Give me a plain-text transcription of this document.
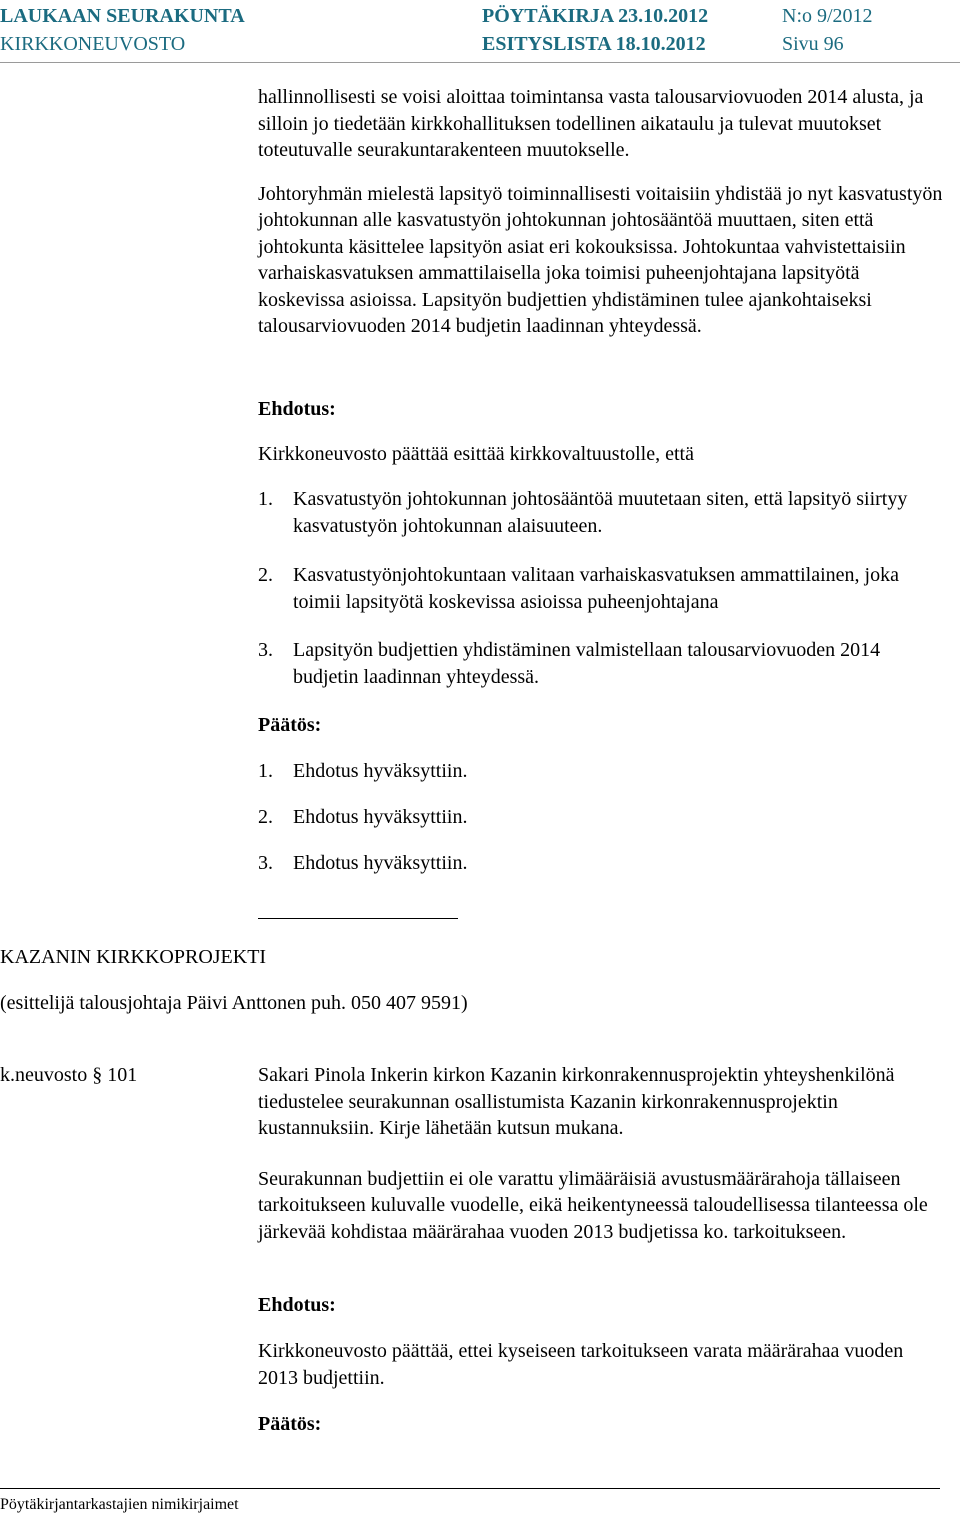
LAUKAAN SEURAKUNTA
KIRKKONEUVOSTO
PÖYTÄKIRJA 23.10.2012
ESITYSLISTA 18.10.2012
N:o 9/2012
Sivu 96

hallinnollisesti se voisi aloittaa toimintansa vasta talousarviovuoden 2014 alusta, ja silloin jo tiedetään kirkkohallituksen todellinen aikataulu ja tulevat muutokset toteutuvalle seurakuntarakenteen muutokselle.

Johtoryhmän mielestä lapsityö toiminnallisesti voitaisiin yhdistää jo nyt kasvatustyön johtokunnan alle kasvatustyön johtokunnan johtosääntöä muuttaen, siten että johtokunta käsittelee lapsityön asiat eri kokouksissa. Johtokuntaa vahvistettaisiin varhaiskasvatuksen ammattilaisella joka toimisi puheenjohtajana lapsityötä koskevissa asioissa. Lapsityön budjettien yhdistäminen tulee ajankohtaiseksi talousarviovuoden 2014 budjetin laadinnan yhteydessä.

Ehdotus:
Kirkkoneuvosto päättää esittää kirkkovaltuustolle, että
1.	Kasvatustyön johtokunnan johtosääntöä muutetaan siten, että lapsityö siirtyy kasvatustyön johtokunnan alaisuuteen.
2.	Kasvatustyönjohtokuntaan valitaan varhaiskasvatuksen ammattilainen, joka toimii lapsityötä koskevissa asioissa puheenjohtajana
3.	Lapsityön budjettien yhdistäminen valmistellaan talousarviovuoden 2014 budjetin laadinnan yhteydessä.
Päätös:
1. Ehdotus hyväksyttiin.
2. Ehdotus hyväksyttiin.
3. Ehdotus hyväksyttiin.
KAZANIN KIRKKOPROJEKTI
(esittelijä talousjohtaja Päivi Anttonen puh. 050 407 9591)
k.neuvosto § 101	Sakari Pinola Inkerin kirkon Kazanin kirkonrakennusprojektin yhteyshenkilönä tiedustelee seurakunnan osallistumista Kazanin kirkonrakennusprojektin kustannuksiin. Kirje lähetään kutsun mukana.

Seurakunnan budjettiin ei ole varattu ylimääräisiä avustusmäärärahoja tällaiseen tarkoitukseen kuluvalle vuodelle, eikä heikentyneessä taloudellisessa tilanteessa ole järkevää kohdistaa määrärahaa vuoden 2013 budjetissa ko. tarkoitukseen.

Ehdotus:
Kirkkoneuvosto päättää, ettei kyseiseen tarkoitukseen varata määrärahaa vuoden 2013 budjettiin.
Päätös:
Pöytäkirjantarkastajien nimikirjaimet
